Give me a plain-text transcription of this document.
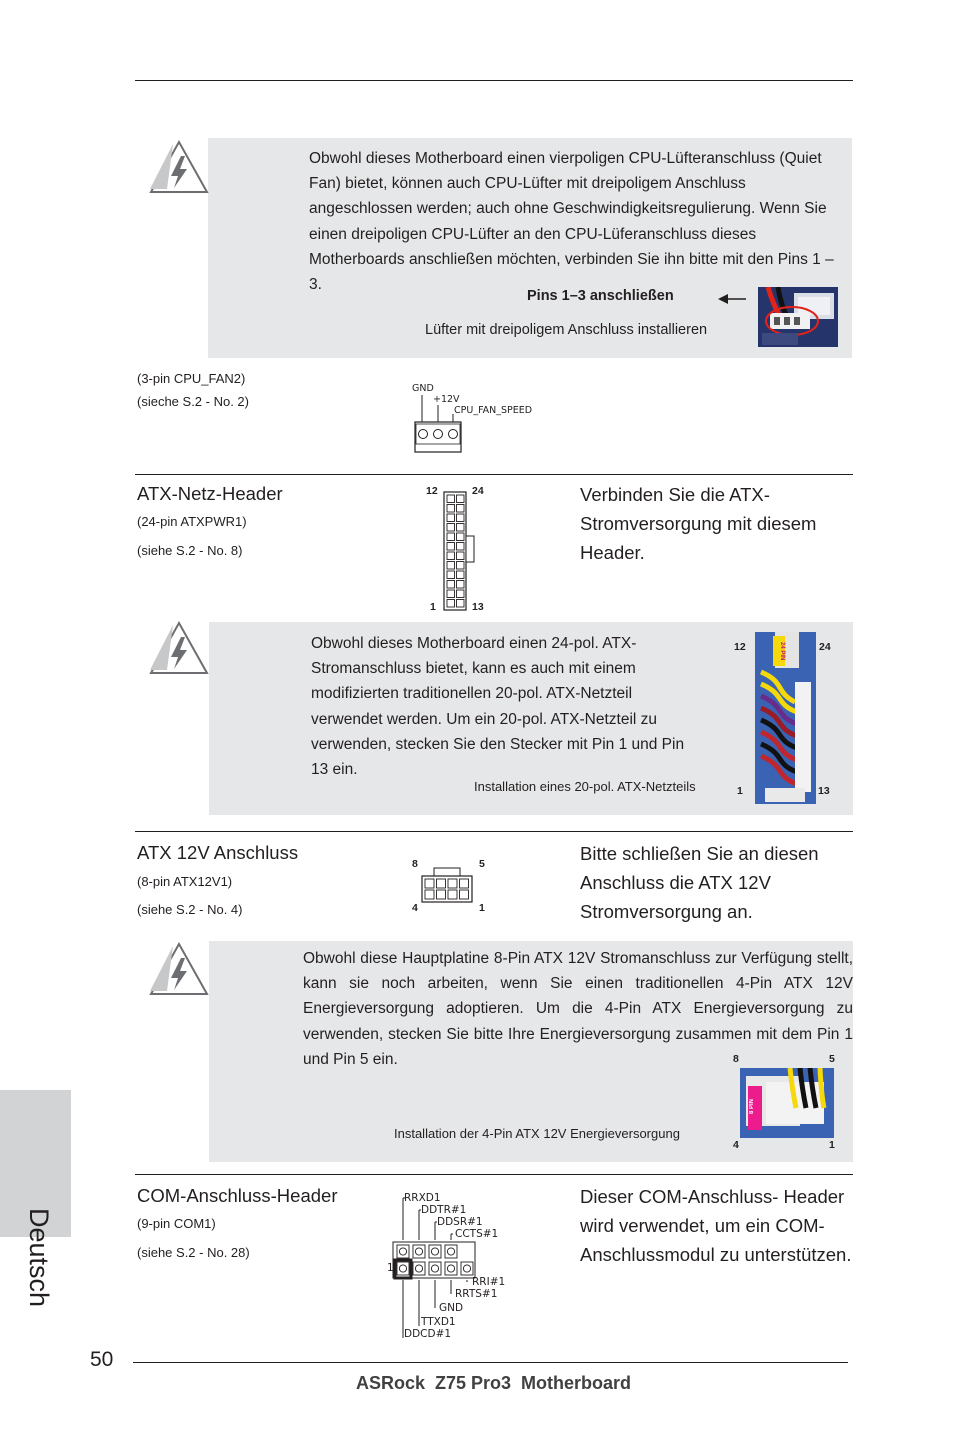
Obwohl dieses Motherboard einen vierpoligen CPU-Lüfteranschluss (Quiet Fan) bietet, können auch CPU-Lüfter mit dreipoligem Anschluss angeschlossen werden; auch ohne Geschwindigkeitsregulierung. Wenn Sie einen dreipoligen CPU-Lüfter an den CPU-Lüferanschluss dieses Motherboards anschließen möchten, verbinden Sie ihn bitte mit den Pins 1 – 3.
Pins 1–3 anschließen
Lüfter mit dreipoligem Anschluss installieren
(3-pin CPU_FAN2)
(sieche S.2 - No. 2)
GND
+12V
CPU_FAN_SPEED
ATX-Netz-Header
(24-pin ATXPWR1)
(siehe S.2 - No. 8)
12	24
1	13
Verbinden Sie die ATX-Stromversorgung mit diesem Header.
Obwohl dieses Motherboard einen 24-pol. ATX-Stromanschluss bietet, kann es auch mit einem modifizierten traditionellen 20-pol. ATX-Netzteil verwendet werden. Um ein 20-pol. ATX-Netzteil zu verwenden, stecken Sie den Stecker mit Pin 1 und Pin 13 ein.
Installation eines 20-pol. ATX-Netzteils
12	24
1	13
24 PIN
ATX 12V Anschluss
(8-pin ATX12V1)
(siehe S.2 - No. 4)
8	5
4	1
Bitte schließen Sie an diesen Anschluss die ATX 12V Stromversorgung an.
Obwohl diese Hauptplatine 8-Pin ATX 12V Stromanschluss zur Verfügung stellt, kann sie noch arbeiten, wenn Sie einen traditionellen 4-Pin ATX 12V Energieversorgung adoptieren. Um die 4-Pin ATX Energieversorgung zu verwenden, stecken Sie bitte Ihre Energieversorgung zusammen mit dem Pin 1 und Pin 5 ein.
Installation der 4-Pin ATX 12V Energieversorgung
8	5
4	1
8 PIN
COM-Anschluss-Header
(9-pin COM1)
(siehe S.2 - No. 28)
RRXD1
DDTR#1
DDSR#1
CCTS#1
1
RRI#1
RRTS#1
GND
TTXD1
DDCD#1
Dieser COM-Anschluss- Header wird verwendet, um ein COM-Anschlussmodul zu unterstützen.
Deutsch
50
ASRock  Z75 Pro3  Motherboard
